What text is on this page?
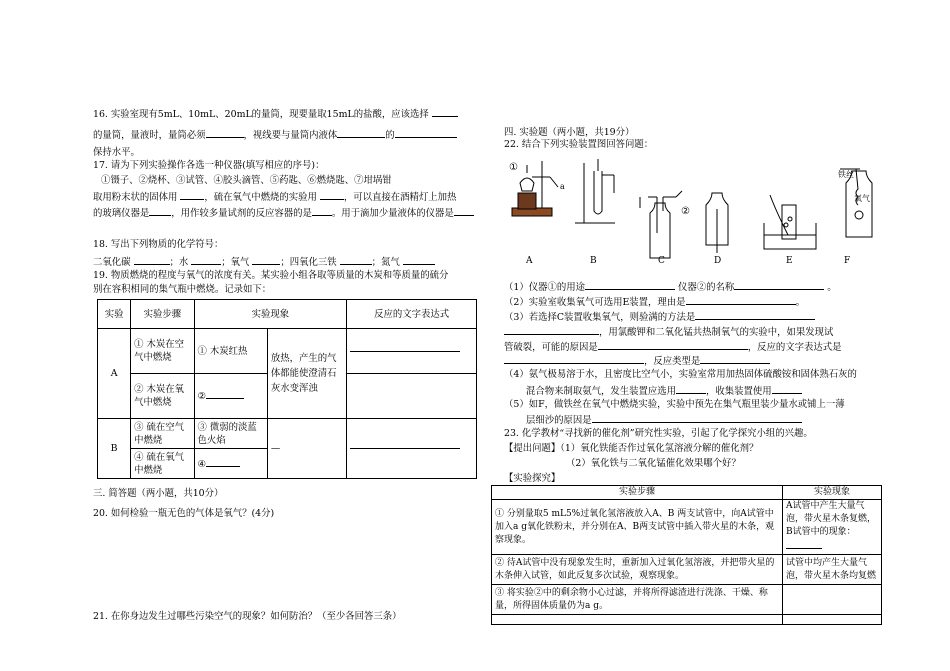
16. 实验室现有5mL、10mL、20mL的量筒，现要量取15mL的盐酸，应该选择
的量筒，量液时，量筒必须	，视线要与量筒内液体	的
保持水平。
17. 请为下列实验操作各选一种仪器(填写相应的序号)：
①镊子、②烧杯、③试管、④胶头滴管、⑤药匙、⑥燃烧匙、⑦坩埚钳
取用粉末状的固体用	，硫在氧气中燃烧的实验用	，可以直接在酒精灯上加热
的玻璃仪器是 ，用作较多量试剂的反应容器的是 。用于滴加少量液体的仪器是
18. 写出下列物质的化学符号：
二氧化碳	；水	；氧气	；四氧化三铁	；氮气
19. 物质燃烧的程度与氧气的浓度有关。某实验小组各取等质量的木炭和等质量的硫分
别在容积相同的集气瓶中燃烧。记录如下：
实验	实验步骤	实验现象		反应的文字表达式
A	① 木炭在空气中燃烧	① 木炭红热	放热，产生的气体都能使澄清石灰水变浑浊	

	② 木炭在氧气中燃烧	②		
B	③ 硫在空气中燃烧	③ 微弱的淡蓝色火焰	—	

	④ 硫在氧气中燃烧	④		
三. 简答题（两小题，共10分）
20. 如何检验一瓶无色的气体是氧气？(4分)
21. 在你身边发生过哪些污染空气的现象？如何防治？（至少各回答三条）
四. 实验题（两小题，共19分）
22. 结合下列实验装置图回答问题：
①
a
②
铁丝
氧气
A	B	C	D	E	F
（1）仪器①的用途	仪器②的名称	。
（2）实验室收集氧气可选用E装置，理由是	。
（3）若选择C装置收集氧气，则验满的方法是
，用氯酸钾和二氧化锰共热制氧气的实验中，如果发现试
管破裂，可能的原因是	，反应的文字表达式是
，反应类型是
（4）氨气极易溶于水，且密度比空气小，实验室常用加热固体硫酸铵和固体熟石灰的
混合物来制取氨气，发生装置应选用	，收集装置使用
（5）如F，做铁丝在氧气中燃烧实验，实验中预先在集气瓶里装少量水或铺上一薄
层细沙的原因是
23. 化学教材“寻找新的催化剂”研究性实验，引起了化学探究小组的兴趣。
【提出问题】（1）氧化铁能否作过氧化氢溶液分解的催化剂？
（2）氧化铁与二氧化锰催化效果哪个好？
【实验探究】
实验步骤	实验现象
① 分别量取5 mL5%过氧化氢溶液放入A、B 两支试管中，向A试管中加入a g氧化铁粉末，并分别在A、B两支试管中插入带火星的木条，观察现象。	A试管中产生大量气泡，带火星木条复燃，B试管中的现象：
② 待A试管中没有现象发生时，重新加入过氧化氢溶液，并把带火星的木条伸入试管，如此反复多次试验，观察现象。	试管中均产生大量气泡，带火星木条均复燃
③ 将实验②中的剩余物小心过滤，并将所得滤渣进行洗涤、干燥、称量，所得固体质量仍为a g。	
